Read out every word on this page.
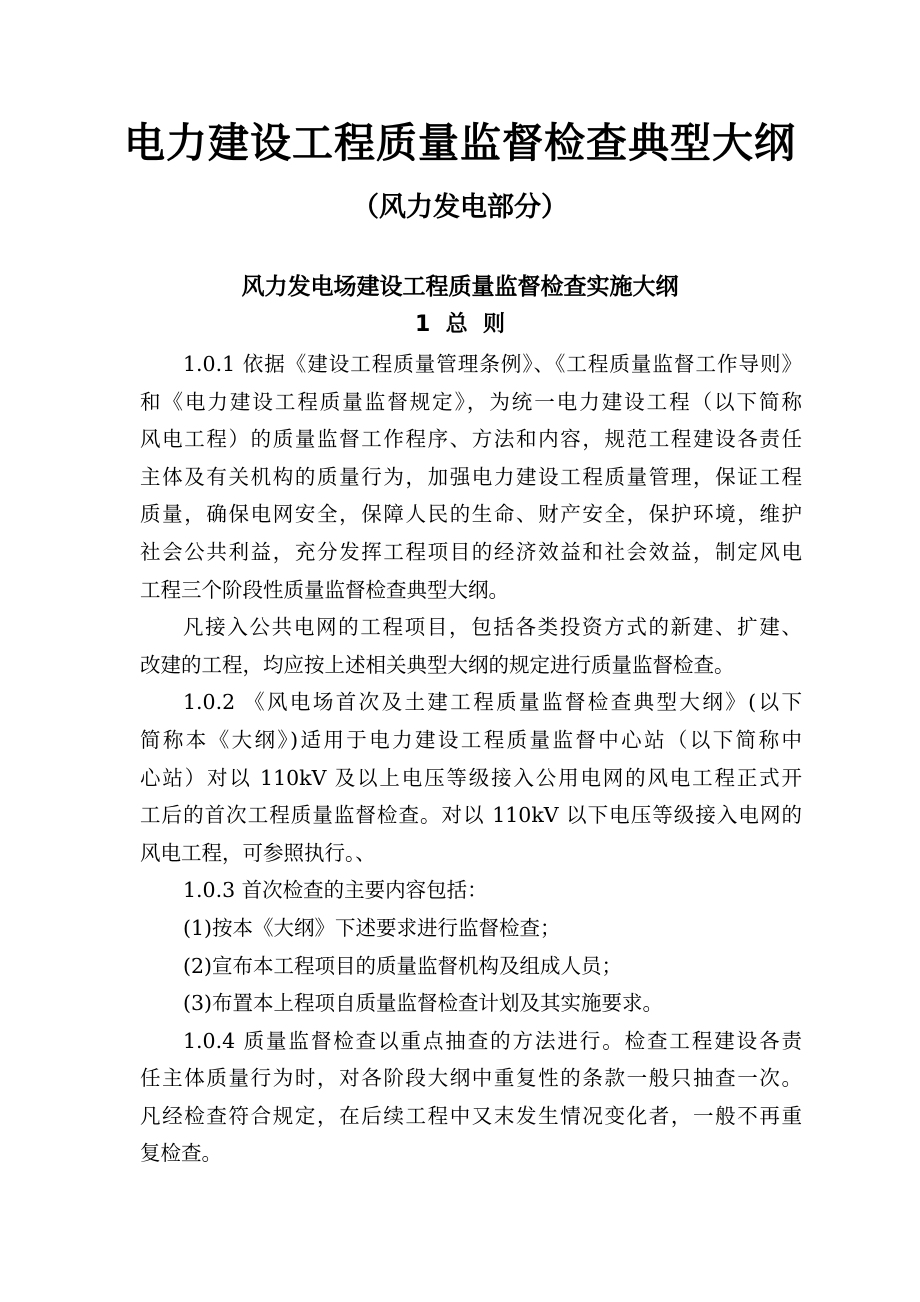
电力建设工程质量监督检查典型大纲
（风力发电部分）
风力发电场建设工程质量监督检查实施大纲
1  总  则
1.0.1 依据《建设工程质量管理条例》、《工程质量监督工作导则》
和《电力建设工程质量监督规定》，为统一电力建设工程（以下简称
风电工程）的质量监督工作程序、方法和内容，规范工程建设各责任
主体及有关机构的质量行为，加强电力建设工程质量管理，保证工程
质量，确保电网安全，保障人民的生命、财产安全，保护环境，维护
社会公共利益，充分发挥工程项目的经济效益和社会效益，制定风电
工程三个阶段性质量监督检查典型大纲。
凡接入公共电网的工程项目，包括各类投资方式的新建、扩建、
改建的工程，均应按上述相关典型大纲的规定进行质量监督检查。
1.0.2 《风电场首次及土建工程质量监督检查典型大纲》(以下
简称本《大纲》)适用于电力建设工程质量监督中心站（以下简称中
心站）对以 110kV 及以上电压等级接入公用电网的风电工程正式开
工后的首次工程质量监督检查。对以 110kV 以下电压等级接入电网的
风电工程，可参照执行。、
1.0.3 首次检查的主要内容包括：
(1)按本《大纲》下述要求进行监督检查；
(2)宣布本工程项目的质量监督机构及组成人员；
(3)布置本上程项自质量监督检查计划及其实施要求。
1.0.4 质量监督检查以重点抽查的方法进行。检查工程建设各责
任主体质量行为时，对各阶段大纲中重复性的条款一般只抽查一次。
凡经检查符合规定，在后续工程中又末发生情况变化者，一般不再重
复检查。
